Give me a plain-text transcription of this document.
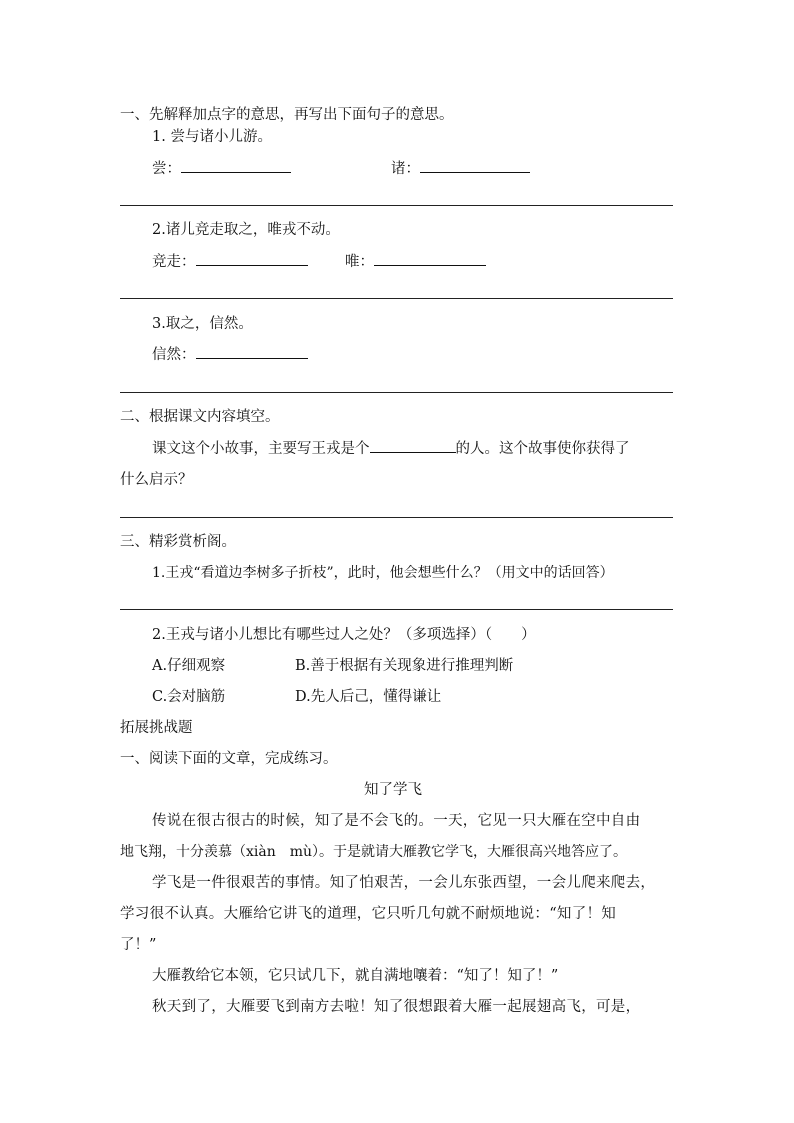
一、先解释加点字的意思，再写出下面句子的意思。
1. 尝与诸小儿游。
尝：	诸：
2.诸儿竞走取之，唯戎不动。
竞走：	唯：
3.取之，信然。
信然：
二、根据课文内容填空。
课文这个小故事，主要写王戎是个	的人。这个故事使你获得了
什么启示？
三、精彩赏析阁。
1.王戎“看道边李树多子折枝”，此时，他会想些什么？（用文中的话回答）
2.王戎与诸小儿想比有哪些过人之处？（多项选择）（　　）
A.仔细观察	B.善于根据有关现象进行推理判断
C.会对脑筋	D.先人后己，懂得谦让
拓展挑战题
一、阅读下面的文章，完成练习。
知了学飞
传说在很古很古的时候，知了是不会飞的。一天，它见一只大雁在空中自由
地飞翔，十分羡慕（xiàn　mù）。于是就请大雁教它学飞，大雁很高兴地答应了。
学飞是一件很艰苦的事情。知了怕艰苦，一会儿东张西望，一会儿爬来爬去，
学习很不认真。大雁给它讲飞的道理，它只听几句就不耐烦地说：“知了！知
了！”
大雁教给它本领，它只试几下，就自满地嚷着：“知了！知了！”
秋天到了，大雁要飞到南方去啦！知了很想跟着大雁一起展翅高飞，可是，
